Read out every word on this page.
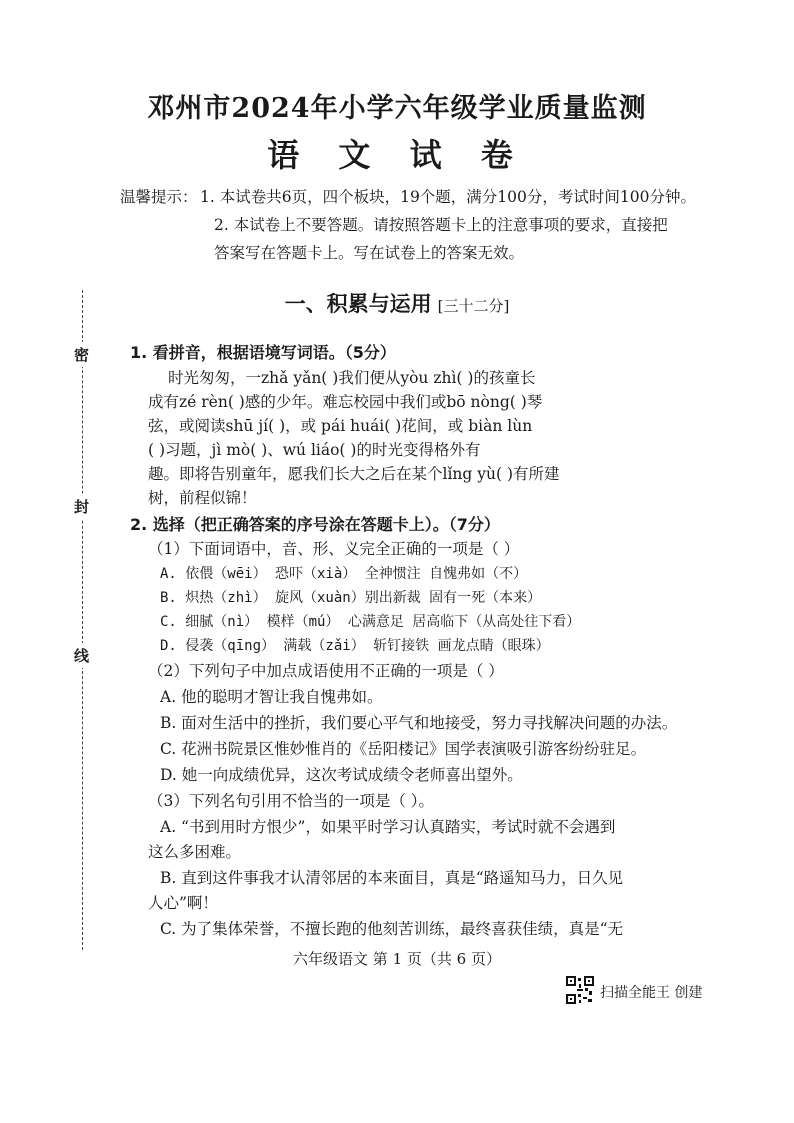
邓州市2024年小学六年级学业质量监测
语 文 试 卷
温馨提示： 1. 本试卷共6页，四个板块，19个题，满分100分，考试时间100分钟。
2. 本试卷上不要答题。请按照答题卡上的注意事项的要求，直接把
答案写在答题卡上。写在试卷上的答案无效。
一、积累与运用 [三十二分]
密
封
线
1. 看拼音，根据语境写词语。（5分）
时光匆匆，一zhǎ yǎn( )我们便从yòu zhì( )的孩童长
成有zé rèn( )感的少年。难忘校园中我们或bō nòng( )琴
弦，或阅读shū jí( )，或 pái huái( )花间，或 biàn lùn
( )习题，jì mò( )、wú liáo( )的时光变得格外有
趣。即将告别童年，愿我们长大之后在某个lǐng yù( )有所建
树，前程似锦！
2. 选择（把正确答案的序号涂在答题卡上）。（7分）
（1）下面词语中，音、形、义完全正确的一项是（ ）
A. 依偎（wēi） 恐吓（xià） 全神惯注 自愧弗如（不）
B. 炽热（zhì） 旋风（xuàn）别出新裁 固有一死（本来）
C. 细腻（nì） 模样（mú） 心满意足 居高临下（从高处往下看）
D. 侵袭（qīng） 满载（zǎi） 斩钉接铁 画龙点睛（眼珠）
（2）下列句子中加点成语使用不正确的一项是（ ）
A. 他的聪明才智让我自愧弗如。
B. 面对生活中的挫折，我们要心平气和地接受，努力寻找解决问题的办法。
C. 花洲书院景区惟妙惟肖的《岳阳楼记》国学表演吸引游客纷纷驻足。
D. 她一向成绩优异，这次考试成绩令老师喜出望外。
（3）下列名句引用不恰当的一项是（ ）。
A. “书到用时方恨少”，如果平时学习认真踏实，考试时就不会遇到
这么多困难。
B. 直到这件事我才认清邻居的本来面目，真是“路遥知马力，日久见
人心”啊！
C. 为了集体荣誉，不擅长跑的他刻苦训练，最终喜获佳绩，真是“无
六年级语文 第 1 页（共 6 页）
扫描全能王 创建
